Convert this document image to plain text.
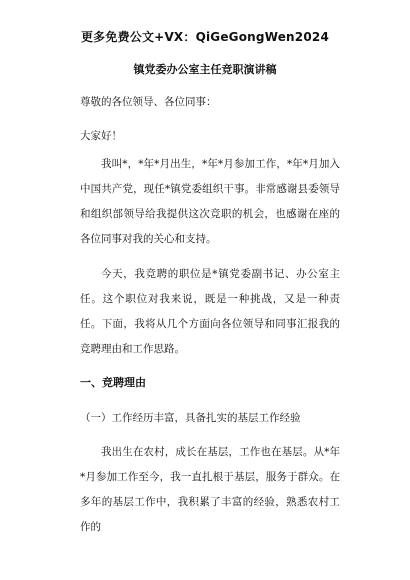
更多免费公文+VX：QiGeGongWen2024
镇党委办公室主任竞职演讲稿
尊敬的各位领导、各位同事：
大家好！
我叫*，*年*月出生，*年*月参加工作，*年*月加入中国共产党，现任*镇党委组织干事。非常感谢县委领导和组织部领导给我提供这次竞职的机会，也感谢在座的各位同事对我的关心和支持。
今天，我竞聘的职位是*镇党委副书记、办公室主任。这个职位对我来说，既是一种挑战，又是一种责任。下面，我将从几个方面向各位领导和同事汇报我的竞聘理由和工作思路。
一、竞聘理由
（一）工作经历丰富，具备扎实的基层工作经验
我出生在农村，成长在基层，工作也在基层。从*年*月参加工作至今，我一直扎根于基层，服务于群众。在多年的基层工作中，我积累了丰富的经验，熟悉农村工作的
